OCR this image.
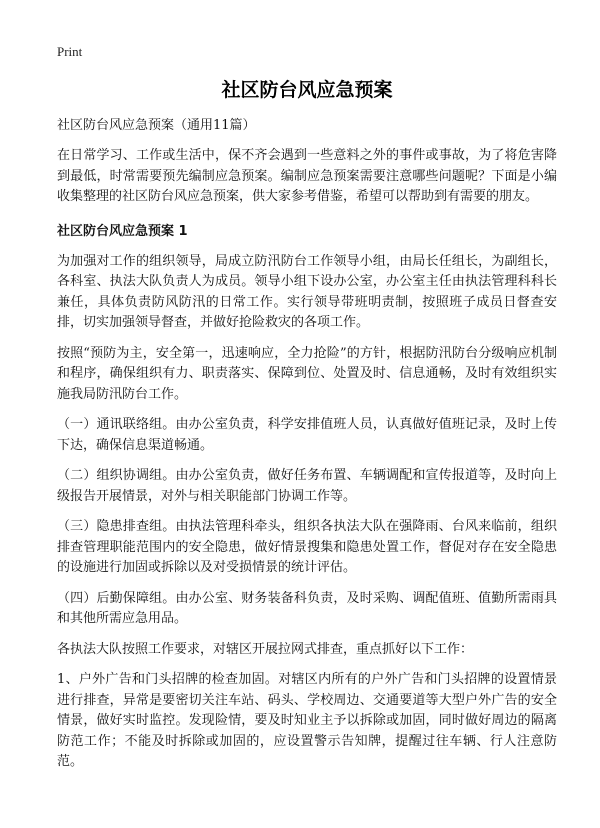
Print
社区防台风应急预案
社区防台风应急预案（通用11篇）

在日常学习、工作或生活中，保不齐会遇到一些意料之外的事件或事故，为了将危害降到最低，时常需要预先编制应急预案。编制应急预案需要注意哪些问题呢？下面是小编收集整理的社区防台风应急预案，供大家参考借鉴，希望可以帮助到有需要的朋友。

社区防台风应急预案 1

为加强对工作的组织领导，局成立防汛防台工作领导小组，由局长任组长，为副组长，各科室、执法大队负责人为成员。领导小组下设办公室，办公室主任由执法管理科科长兼任，具体负责防风防汛的日常工作。实行领导带班明责制，按照班子成员日督查安排，切实加强领导督查，并做好抢险救灾的各项工作。

按照“预防为主，安全第一，迅速响应，全力抢险”的方针，根据防汛防台分级响应机制和程序，确保组织有力、职责落实、保障到位、处置及时、信息通畅，及时有效组织实施我局防汛防台工作。

（一）通讯联络组。由办公室负责，科学安排值班人员，认真做好值班记录，及时上传下达，确保信息渠道畅通。

（二）组织协调组。由办公室负责，做好任务布置、车辆调配和宣传报道等，及时向上级报告开展情景，对外与相关职能部门协调工作等。

（三）隐患排查组。由执法管理科牵头，组织各执法大队在强降雨、台风来临前，组织排查管理职能范围内的安全隐患，做好情景搜集和隐患处置工作，督促对存在安全隐患的设施进行加固或拆除以及对受损情景的统计评估。

（四）后勤保障组。由办公室、财务装备科负责，及时采购、调配值班、值勤所需雨具和其他所需应急用品。

各执法大队按照工作要求，对辖区开展拉网式排查，重点抓好以下工作：

1、户外广告和门头招牌的检查加固。对辖区内所有的户外广告和门头招牌的设置情景进行排查，异常是要密切关注车站、码头、学校周边、交通要道等大型户外广告的安全情景，做好实时监控。发现险情，要及时知业主予以拆除或加固，同时做好周边的隔离防范工作；不能及时拆除或加固的，应设置警示告知牌，提醒过往车辆、行人注意防范。
